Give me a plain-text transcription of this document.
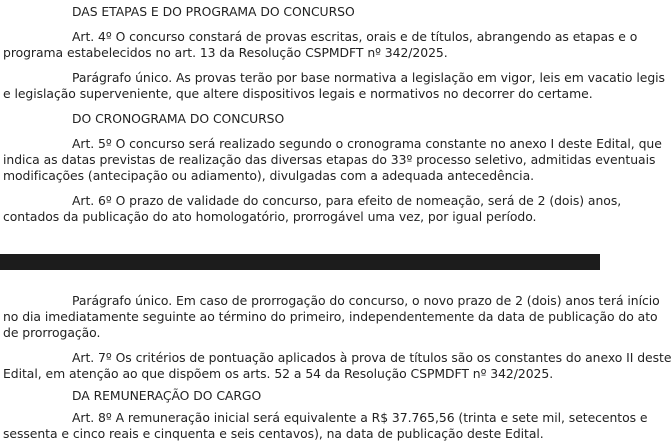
DAS ETAPAS E DO PROGRAMA DO CONCURSO
Art. 4º O concurso constará de provas escritas, orais e de títulos, abrangendo as etapas e o
programa estabelecidos no art. 13 da Resolução CSPMDFT nº 342/2025.
Parágrafo único. As provas terão por base normativa a legislação em vigor, leis em vacatio legis
e legislação superveniente, que altere dispositivos legais e normativos no decorrer do certame.
DO CRONOGRAMA DO CONCURSO
Art. 5º O concurso será realizado segundo o cronograma constante no anexo I deste Edital, que
indica as datas previstas de realização das diversas etapas do 33º processo seletivo, admitidas eventuais
modificações (antecipação ou adiamento), divulgadas com a adequada antecedência.
Art. 6º O prazo de validade do concurso, para efeito de nomeação, será de 2 (dois) anos,
contados da publicação do ato homologatório, prorrogável uma vez, por igual período.
Parágrafo único. Em caso de prorrogação do concurso, o novo prazo de 2 (dois) anos terá início
no dia imediatamente seguinte ao término do primeiro, independentemente da data de publicação do ato
de prorrogação.
Art. 7º Os critérios de pontuação aplicados à prova de títulos são os constantes do anexo II deste
Edital, em atenção ao que dispõem os arts. 52 a 54 da Resolução CSPMDFT nº 342/2025.
DA REMUNERAÇÃO DO CARGO
Art. 8º A remuneração inicial será equivalente a R$ 37.765,56 (trinta e sete mil, setecentos e
sessenta e cinco reais e cinquenta e seis centavos), na data de publicação deste Edital.
